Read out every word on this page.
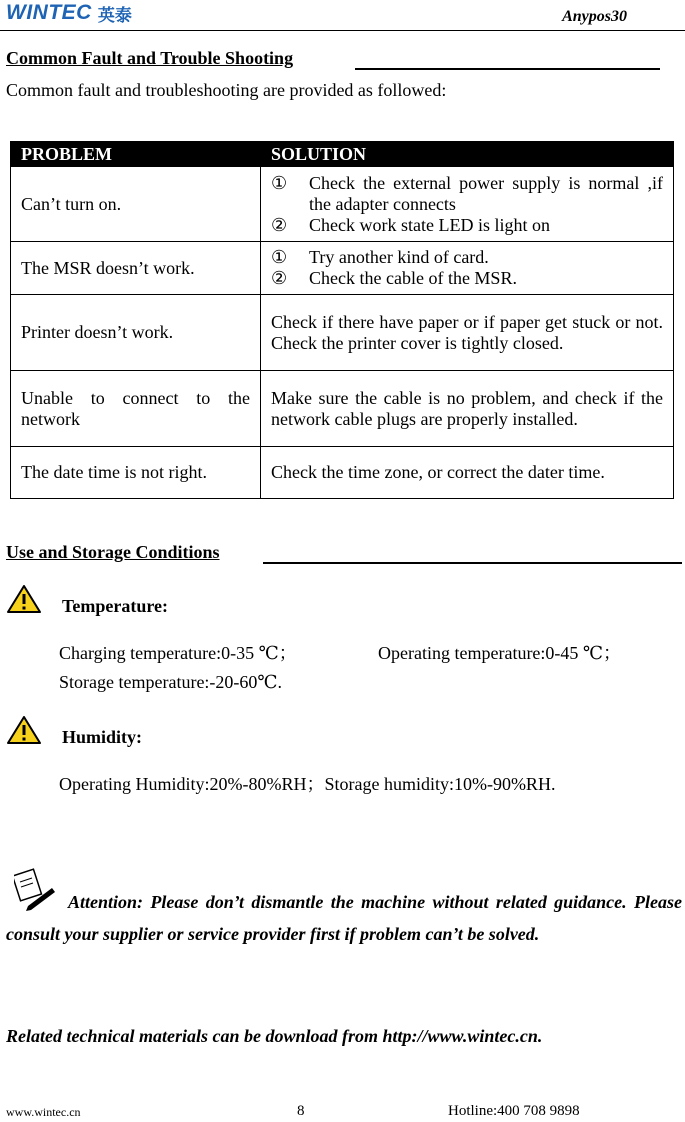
WINTEC 英泰	Anypos30
Common Fault and Trouble Shooting
Common fault and troubleshooting are provided as followed:
PROBLEM	SOLUTION
Can’t turn on.	① Check the external power supply is normal ,if the adapter connects
② Check work state LED is light on

The MSR doesn’t work.	① Try another kind of card.
② Check the cable of the MSR.

Printer doesn’t work.	Check if there have paper or if paper get stuck or not. Check the printer cover is tightly closed.
Unable to connect to the network	Make sure the cable is no problem, and check if the network cable plugs are properly installed.
The date time is not right.	Check the time zone, or correct the dater time.
Use and Storage Conditions
Temperature:
Charging temperature:0-35 ℃；	Operating temperature:0-45 ℃；
Storage temperature:-20-60℃.
Humidity:
Operating Humidity:20%-80%RH；Storage humidity:10%-90%RH.
Attention: Please don’t dismantle the machine without related guidance. Please consult your supplier or service provider first if problem can’t be solved.
Related technical materials can be download from http://www.wintec.cn.
www.wintec.cn	8	Hotline:400 708 9898
